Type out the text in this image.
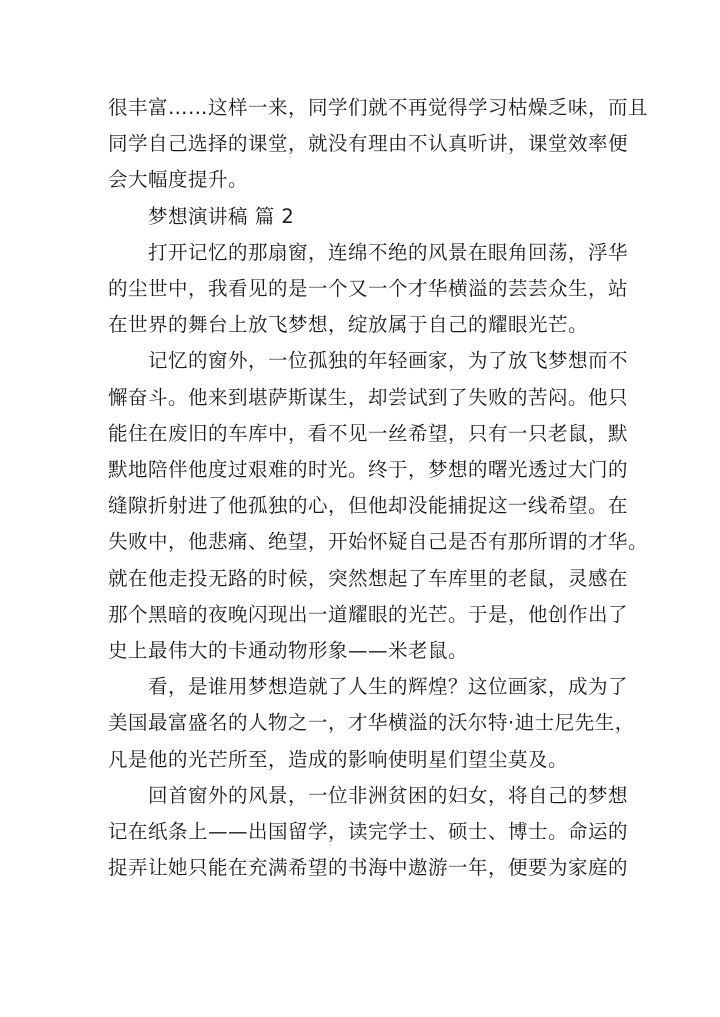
很丰富……这样一来，同学们就不再觉得学习枯燥乏味，而且
同学自己选择的课堂，就没有理由不认真听讲，课堂效率便
会大幅度提升。
梦想演讲稿 篇 2
打开记忆的那扇窗，连绵不绝的风景在眼角回荡，浮华
的尘世中，我看见的是一个又一个才华横溢的芸芸众生，站
在世界的舞台上放飞梦想，绽放属于自己的耀眼光芒。
记忆的窗外，一位孤独的年轻画家，为了放飞梦想而不
懈奋斗。他来到堪萨斯谋生，却尝试到了失败的苦闷。他只
能住在废旧的车库中，看不见一丝希望，只有一只老鼠，默
默地陪伴他度过艰难的时光。终于，梦想的曙光透过大门的
缝隙折射进了他孤独的心，但他却没能捕捉这一线希望。在
失败中，他悲痛、绝望，开始怀疑自己是否有那所谓的才华。
就在他走投无路的时候，突然想起了车库里的老鼠，灵感在
那个黑暗的夜晚闪现出一道耀眼的光芒。于是，他创作出了
史上最伟大的卡通动物形象——米老鼠。
看，是谁用梦想造就了人生的辉煌？这位画家，成为了
美国最富盛名的人物之一，才华横溢的沃尔特·迪士尼先生，
凡是他的光芒所至，造成的影响使明星们望尘莫及。
回首窗外的风景，一位非洲贫困的妇女，将自己的梦想
记在纸条上——出国留学，读完学士、硕士、博士。命运的
捉弄让她只能在充满希望的书海中遨游一年，便要为家庭的
